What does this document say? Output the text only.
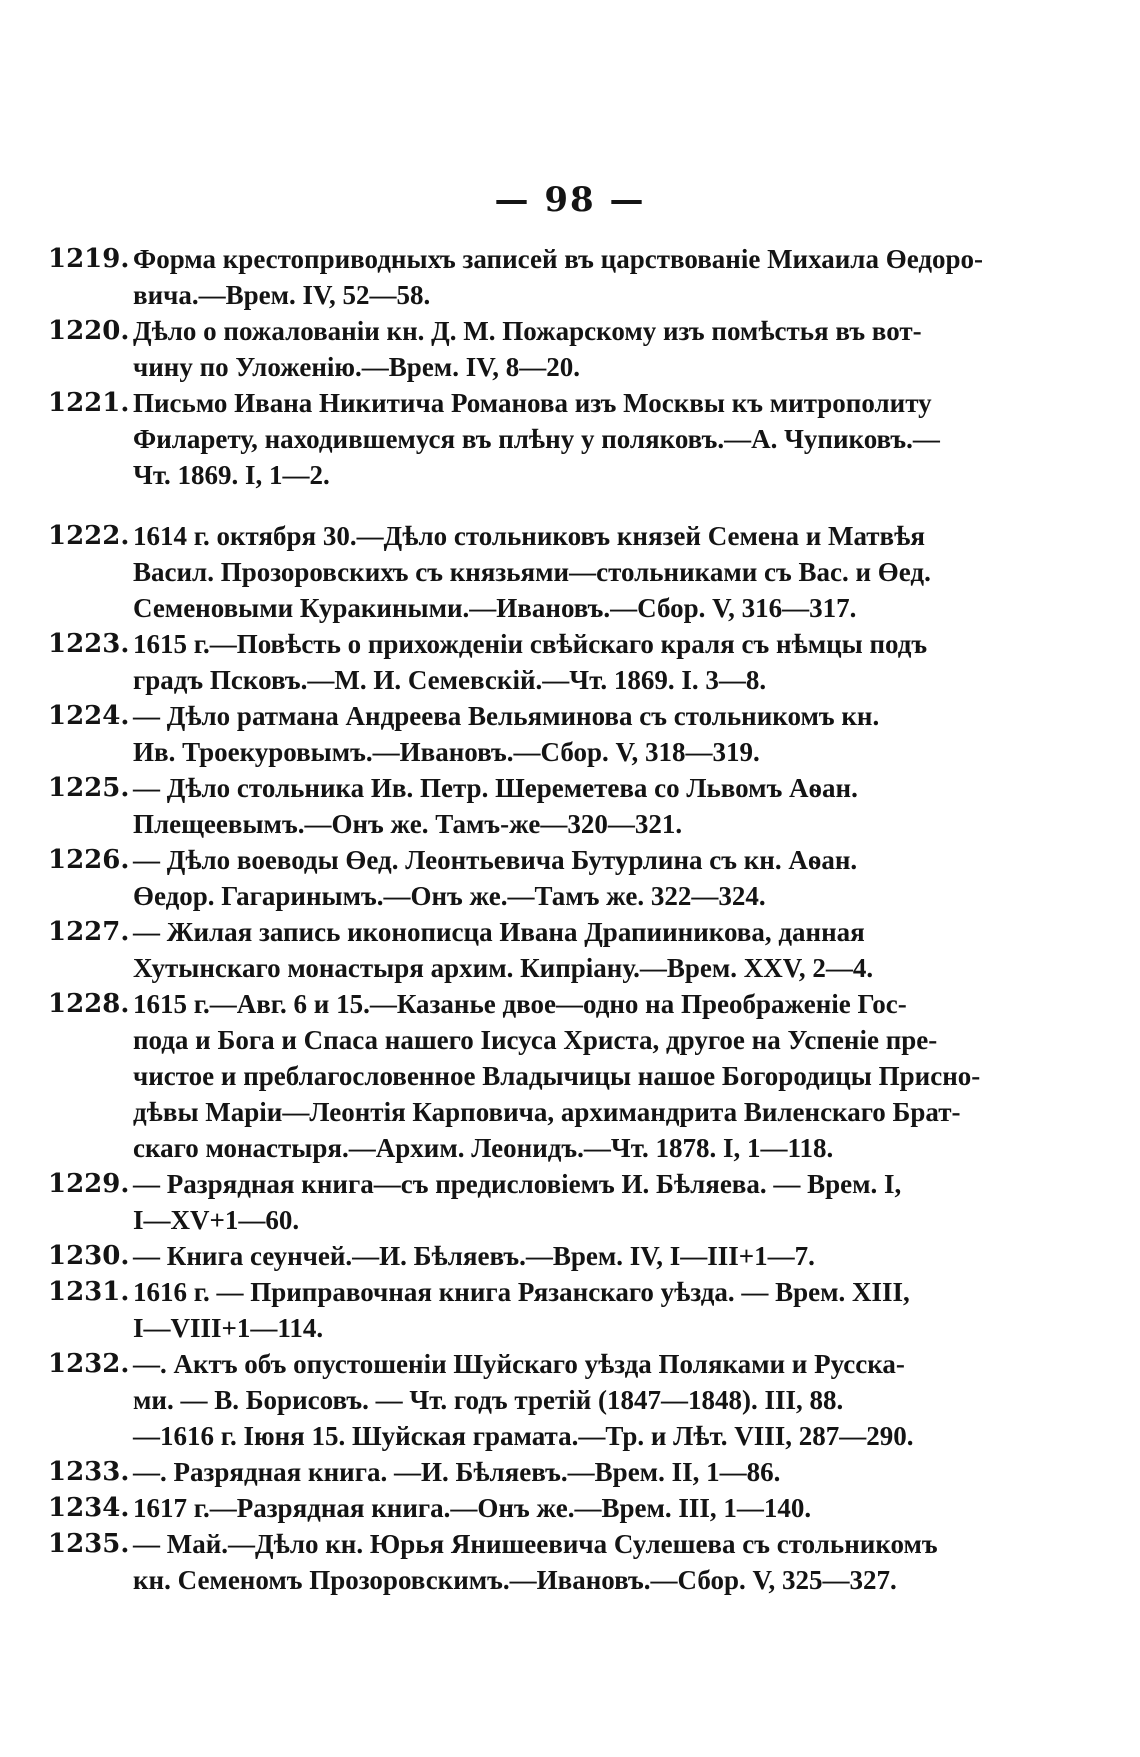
— 98 —
1219. Форма крестоприводныхъ записей въ царствованіе Михаила Өедоро-
вича.—Врем. IV, 52—58.
1220. Дѣло о пожалованіи кн. Д. М. Пожарскому изъ помѣстья въ вот-
чину по Уложенію.—Врем. IV, 8—20.
1221. Письмо Ивана Никитича Романова изъ Москвы къ митрополиту
Филарету, находившемуся въ плѣну у поляковъ.—А. Чупиковъ.—
Чт. 1869. I, 1—2.
1222. 1614 г. октября 30.—Дѣло стольниковъ князей Семена и Матвѣя
Васил. Прозоровскихъ съ князьями—стольниками съ Вас. и Өед.
Семеновыми Куракиными.—Ивановъ.—Сбор. V, 316—317.
1223. 1615 г.—Повѣсть о прихожденіи свѣйскаго краля съ нѣмцы подъ
градъ Псковъ.—М. И. Семевскій.—Чт. 1869. I. 3—8.
1224. — Дѣло ратмана Андреева Вельяминова съ стольникомъ кн.
Ив. Троекуровымъ.—Ивановъ.—Сбор. V, 318—319.
1225. — Дѣло стольника Ив. Петр. Шереметева со Львомъ Аѳан.
Плещеевымъ.—Онъ же. Тамъ-же—320—321.
1226. — Дѣло воеводы Өед. Леонтьевича Бутурлина съ кн. Аѳан.
Өедор. Гагаринымъ.—Онъ же.—Тамъ же. 322—324.
1227. — Жилая запись иконописца Ивана Драпииникова, данная
Хутынскаго монастыря архим. Кипріану.—Врем. XXV, 2—4.
1228. 1615 г.—Авг. 6 и 15.—Казанье двое—одно на Преображеніе Гос-
пода и Бога и Спаса нашего Іисуса Христа, другое на Успеніе пре-
чистое и преблагословенное Владычицы нашое Богородицы Присно-
дѣвы Маріи—Леонтія Карповича, архимандрита Виленскаго Брат-
скаго монастыря.—Архим. Леонидъ.—Чт. 1878. I, 1—118.
1229. — Разрядная книга—съ предисловіемъ И. Бѣляева. — Врем. I,
I—XV+1—60.
1230. — Книга сеунчей.—И. Бѣляевъ.—Врем. IV, I—III+1—7.
1231. 1616 г. — Приправочная книга Рязанскаго уѣзда. — Врем. XIII,
I—VIII+1—114.
1232. —. Актъ объ опустошеніи Шуйскаго уѣзда Поляками и Русска-
ми. — В. Борисовъ. — Чт. годъ третій (1847—1848). III, 88.
—1616 г. Іюня 15. Шуйская грамата.—Тр. и Лѣт. VIII, 287—290.
1233. —. Разрядная книга. —И. Бѣляевъ.—Врем. II, 1—86.
1234. 1617 г.—Разрядная книга.—Онъ же.—Врем. III, 1—140.
1235. — Май.—Дѣло кн. Юрья Янишеевича Сулешева съ стольникомъ
кн. Семеномъ Прозоровскимъ.—Ивановъ.—Сбор. V, 325—327.
